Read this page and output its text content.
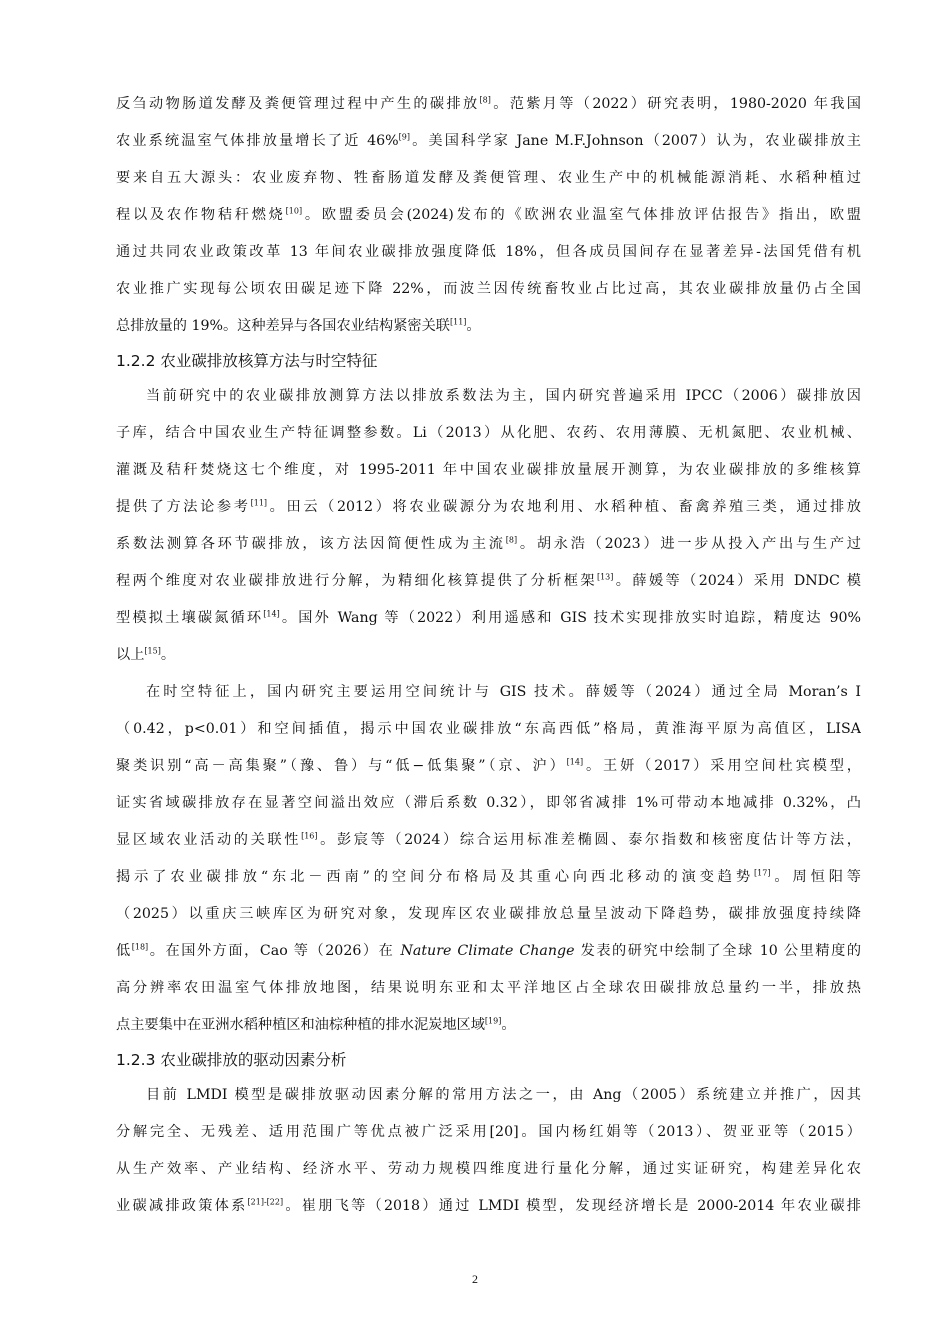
反刍动物肠道发酵及粪便管理过程中产生的碳排放[8]。范紫月等（2022）研究表明，1980-2020 年我国
农业系统温室气体排放量增长了近 46%[9]。美国科学家 Jane M.F.Johnson（2007）认为，农业碳排放主
要来自五大源头：农业废弃物、牲畜肠道发酵及粪便管理、农业生产中的机械能源消耗、水稻种植过
程以及农作物秸秆燃烧[10]。欧盟委员会(2024)发布的《欧洲农业温室气体排放评估报告》指出，欧盟
通过共同农业政策改革 13 年间农业碳排放强度降低 18%，但各成员国间存在显著差异-法国凭借有机
农业推广实现每公顷农田碳足迹下降 22%，而波兰因传统畜牧业占比过高，其农业碳排放量仍占全国
总排放量的 19%。这种差异与各国农业结构紧密关联[11]。
1.2.2 农业碳排放核算方法与时空特征
当前研究中的农业碳排放测算方法以排放系数法为主，国内研究普遍采用 IPCC（2006）碳排放因
子库，结合中国农业生产特征调整参数。Li（2013）从化肥、农药、农用薄膜、无机氮肥、农业机械、
灌溉及秸秆焚烧这七个维度，对 1995-2011 年中国农业碳排放量展开测算，为农业碳排放的多维核算
提供了方法论参考[11]。田云（2012）将农业碳源分为农地利用、水稻种植、畜禽养殖三类，通过排放
系数法测算各环节碳排放，该方法因简便性成为主流[8]。胡永浩（2023）进一步从投入产出与生产过
程两个维度对农业碳排放进行分解，为精细化核算提供了分析框架[13]。薛媛等（2024）采用 DNDC 模
型模拟土壤碳氮循环[14]。国外 Wang 等（2022）利用遥感和 GIS 技术实现排放实时追踪，精度达 90%
以上[15]。
在时空特征上，国内研究主要运用空间统计与 GIS 技术。薛媛等（2024）通过全局 Moran’s I
（0.42，p<0.01）和空间插值，揭示中国农业碳排放“东高西低”格局，黄淮海平原为高值区，LISA
聚类识别“高－高集聚”（豫、鲁）与“低−低集聚”（京、沪）[14]。王妍（2017）采用空间杜宾模型，
证实省域碳排放存在显著空间溢出效应（滞后系数 0.32），即邻省减排 1%可带动本地减排 0.32%，凸
显区域农业活动的关联性[16]。彭宸等（2024）综合运用标准差椭圆、泰尔指数和核密度估计等方法，
揭示了农业碳排放“东北－西南”的空间分布格局及其重心向西北移动的演变趋势[17]。周恒阳等
（2025）以重庆三峡库区为研究对象，发现库区农业碳排放总量呈波动下降趋势，碳排放强度持续降
低[18]。在国外方面，Cao 等（2026）在 Nature Climate Change 发表的研究中绘制了全球 10 公里精度的
高分辨率农田温室气体排放地图，结果说明东亚和太平洋地区占全球农田碳排放总量约一半，排放热
点主要集中在亚洲水稻种植区和油棕种植的排水泥炭地区域[19]。
1.2.3 农业碳排放的驱动因素分析
目前 LMDI 模型是碳排放驱动因素分解的常用方法之一，由 Ang（2005）系统建立并推广，因其
分解完全、无残差、适用范围广等优点被广泛采用[20]。国内杨红娟等（2013）、贺亚亚等（2015）
从生产效率、产业结构、经济水平、劳动力规模四维度进行量化分解，通过实证研究，构建差异化农
业碳减排政策体系[21]-[22]。崔朋飞等（2018）通过 LMDI 模型，发现经济增长是 2000-2014 年农业碳排
2
